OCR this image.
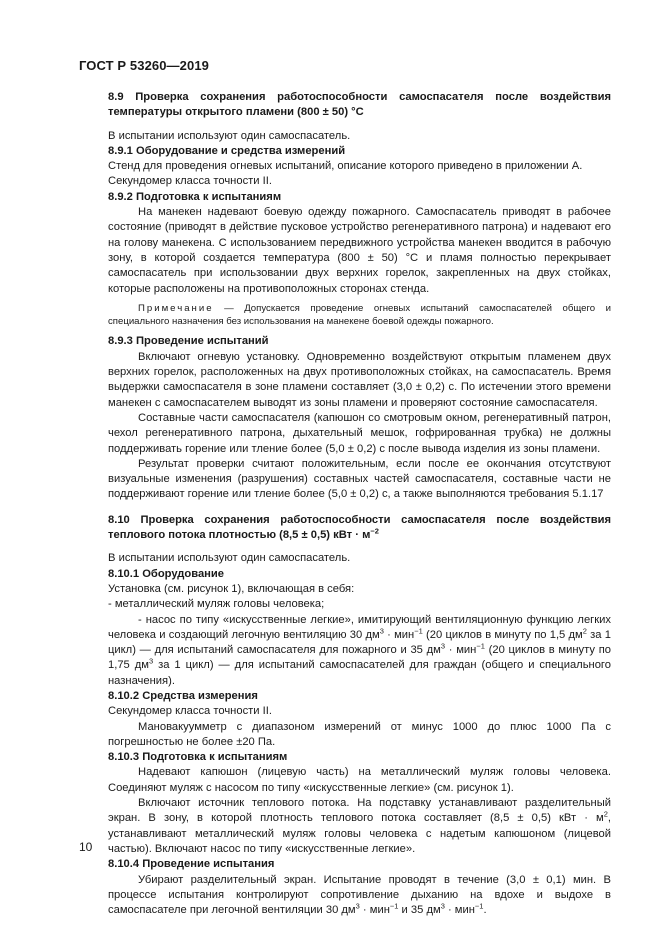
ГОСТ Р 53260—2019

8.9 Проверка сохранения работоспособности самоспасателя после воздействия температуры открытого пламени (800 ± 50) °С

В испытании используют один самоспасатель.

8.9.1 Оборудование и средства измерений

Стенд для проведения огневых испытаний, описание которого приведено в приложении А.

Секундомер класса точности II.

8.9.2 Подготовка к испытаниям

На манекен надевают боевую одежду пожарного. Самоспасатель приводят в рабочее состояние (приводят в действие пусковое устройство регенеративного патрона) и надевают его на голову манекена. С использованием передвижного устройства манекен вводится в рабочую зону, в которой создается температура (800 ± 50) °С и пламя полностью перекрывает самоспасатель при использовании двух верхних горелок, закрепленных на двух стойках, которые расположены на противоположных сторонах стенда.

Примечание — Допускается проведение огневых испытаний самоспасателей общего и специального назначения без использования на манекене боевой одежды пожарного.

8.9.3 Проведение испытаний

Включают огневую установку. Одновременно воздействуют открытым пламенем двух верхних горелок, расположенных на двух противоположных стойках, на самоспасатель. Время выдержки самоспасателя в зоне пламени составляет (3,0 ± 0,2) с. По истечении этого времени манекен с самоспасателем выводят из зоны пламени и проверяют состояние самоспасателя.

Составные части самоспасателя (капюшон со смотровым окном, регенеративный патрон, чехол регенеративного патрона, дыхательный мешок, гофрированная трубка) не должны поддерживать горение или тление более (5,0 ± 0,2) с после вывода изделия из зоны пламени.

Результат проверки считают положительным, если после ее окончания отсутствуют визуальные изменения (разрушения) составных частей самоспасателя, составные части не поддерживают горение или тление более (5,0 ± 0,2) с, а также выполняются требования 5.1.17

8.10 Проверка сохранения работоспособности самоспасателя после воздействия теплового потока плотностью (8,5 ± 0,5) кВт · $м^{-2}$

В испытании используют один самоспасатель.

8.10.1 Оборудование

Установка (см. рисунок 1), включающая в себя:

- металлический муляж головы человека;

- насос по типу «искусственные легкие», имитирующий вентиляционную функцию легких человека и создающий легочную вентиляцию 30 $дм^3 \cdot мин^{-1}$ (20 циклов в минуту по 1,5 $дм^2$ за 1 цикл) — для испытаний самоспасателя для пожарного и 35 $дм^3 \cdot мин^{-1}$ (20 циклов в минуту по 1,75 $дм^3$ за 1 цикл) — для испытаний самоспасателей для граждан (общего и специального назначения).

8.10.2 Средства измерения

Секундомер класса точности II.

Мановакуумметр с диапазоном измерений от минус 1000 до плюс 1000 Па с погрешностью не более ±20 Па.

8.10.3 Подготовка к испытаниям

Надевают капюшон (лицевую часть) на металлический муляж головы человека. Соединяют муляж с насосом по типу «искусственные легкие» (см. рисунок 1).

Включают источник теплового потока. На подставку устанавливают разделительный экран. В зону, в которой плотность теплового потока составляет (8,5 ± 0,5) кВт · $м^2$, устанавливают металлический муляж головы человека с надетым капюшоном (лицевой частью). Включают насос по типу «искусственные легкие».

8.10.4 Проведение испытания

Убирают разделительный экран. Испытание проводят в течение (3,0 ± 0,1) мин. В процессе испытания контролируют сопротивление дыханию на вдохе и выдохе в самоспасателе при легочной вентиляции 30 $дм^3 \cdot мин^{-1}$ и 35 $дм^3 \cdot мин^{-1}$.

10
